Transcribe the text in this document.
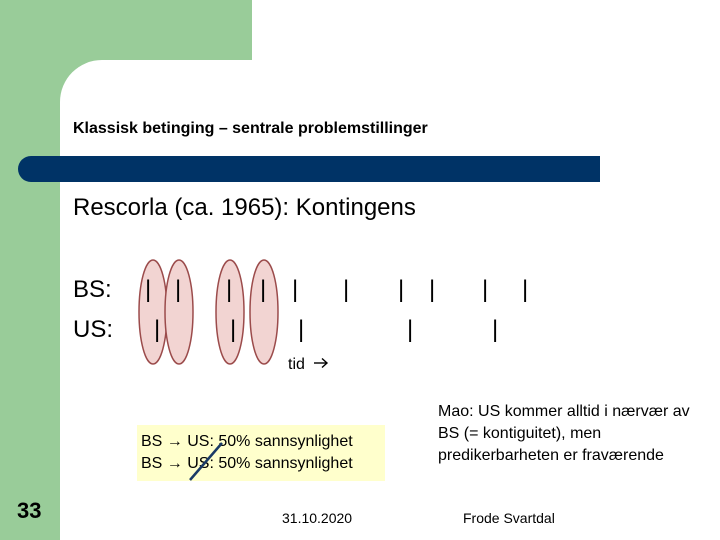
Klassisk betinging – sentrale problemstillinger
Rescorla (ca. 1965): Kontingens
BS:
US:
| | | | | | | | | |
|	|	|	|	|
tid
BS → US: 50% sannsynlighet
BS → US: 50% sannsynlighet
Mao: US kommer alltid i nærvær av BS (= kontiguitet), men predikerbarheten er fraværende
33	31.10.2020	Frode Svartdal
